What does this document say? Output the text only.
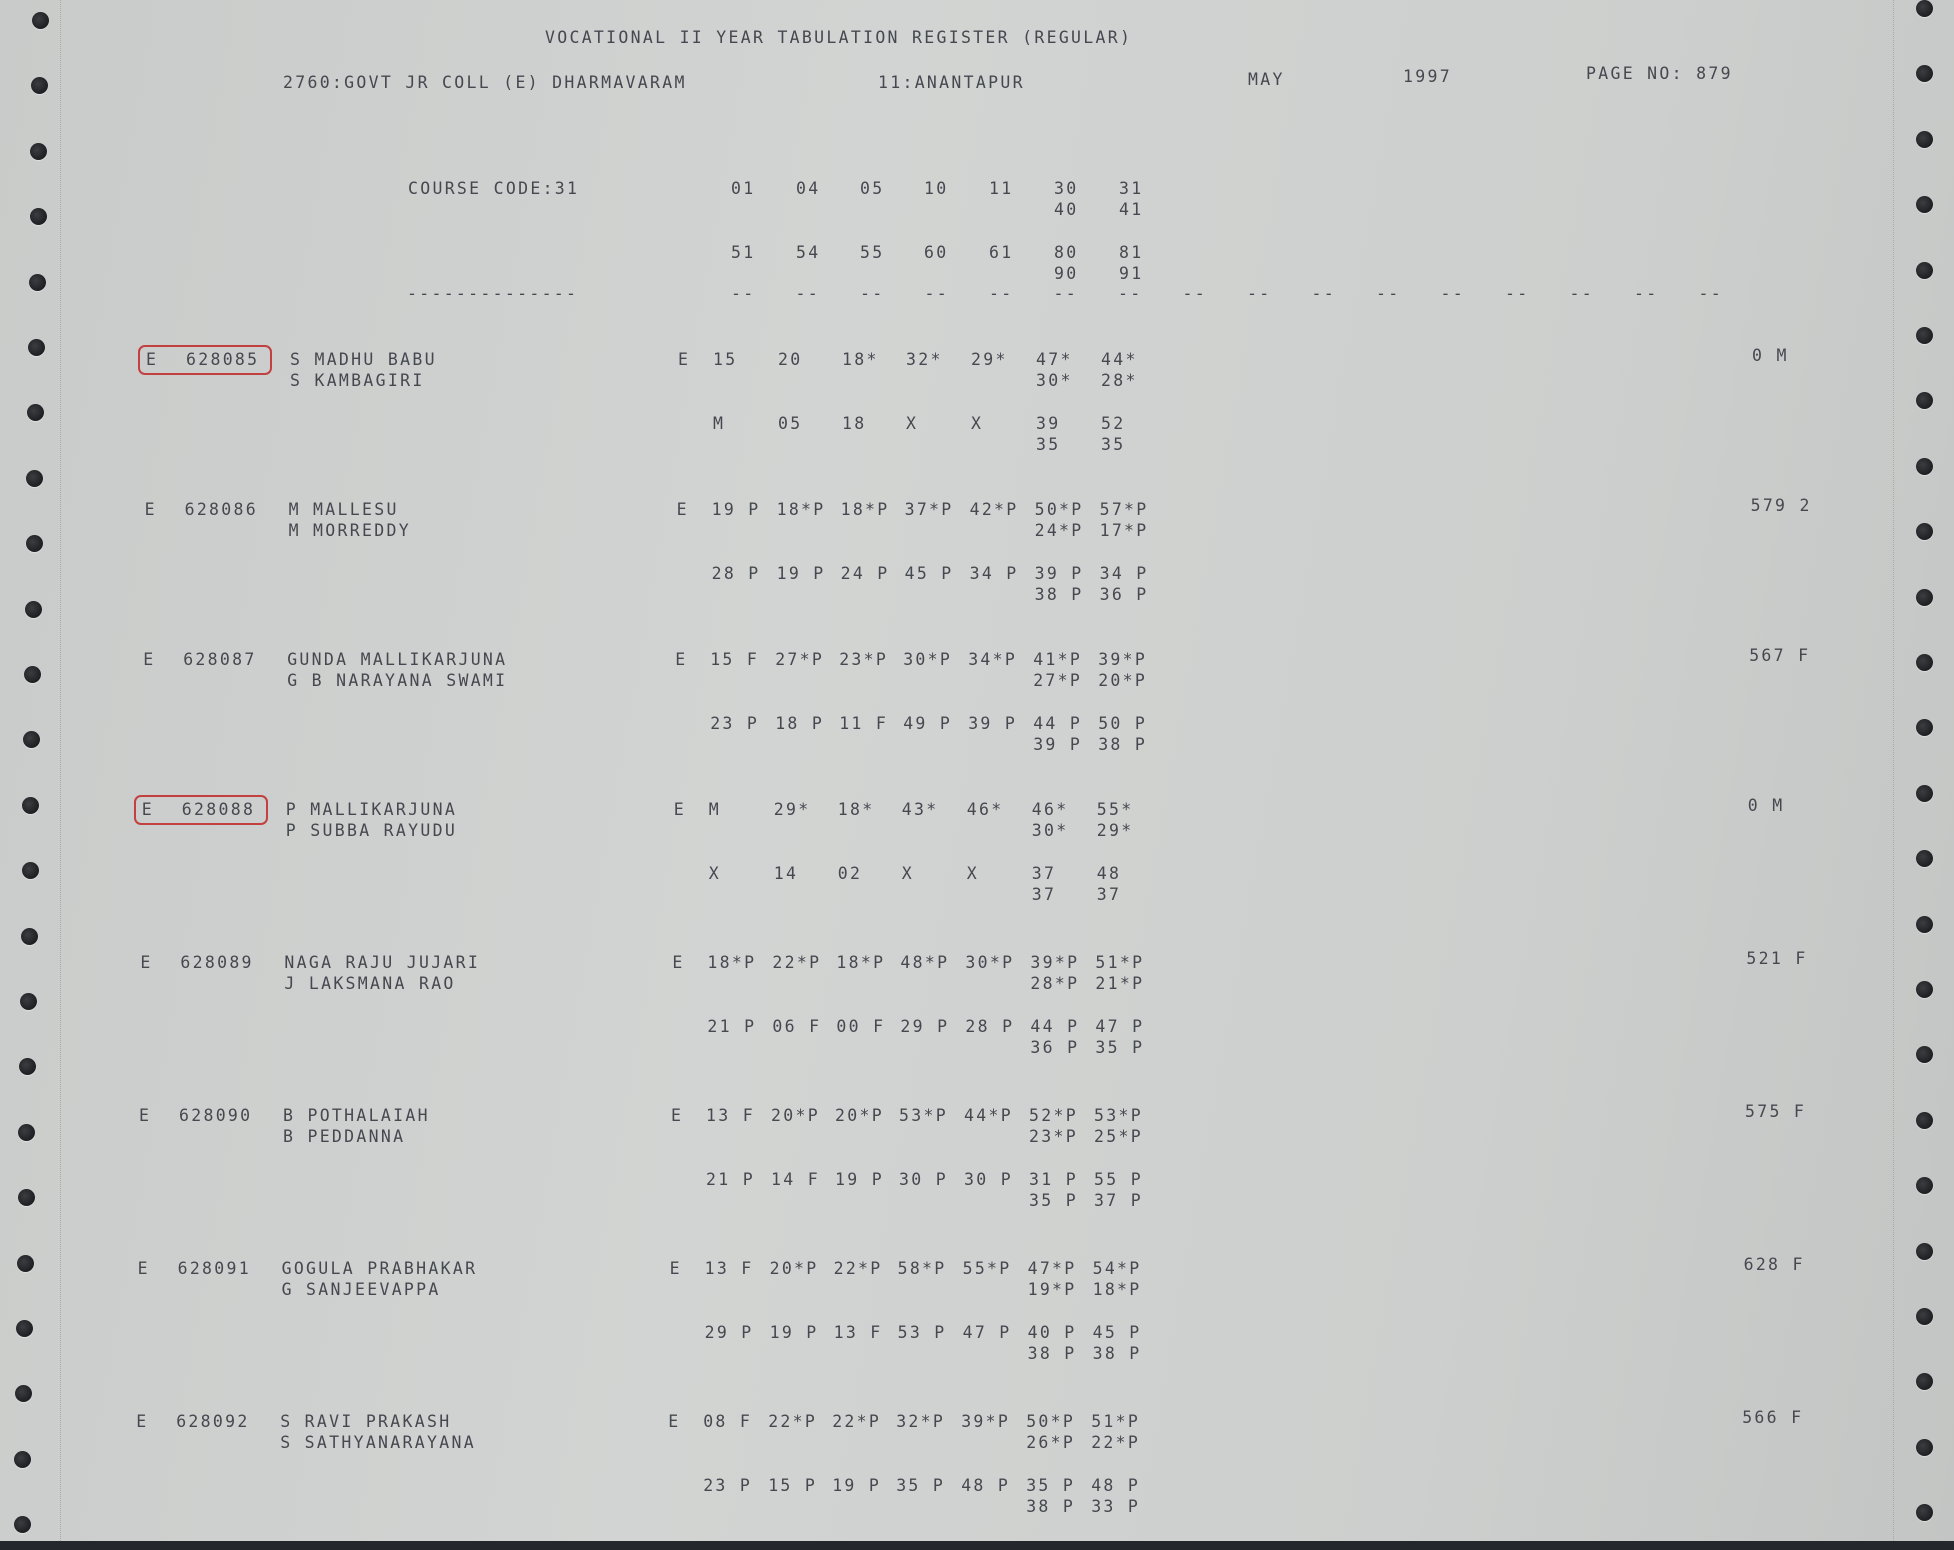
VOCATIONAL II YEAR TABULATION REGISTER (REGULAR)
2760:GOVT JR COLL (E) DHARMAVARAM	11:ANANTAPUR	MAY	1997	PAGE NO: 879
COURSE CODE:31
--------------
01 04 05 10 11 30 31
40 41
51 54 55 60 61 80 81
90 91
-- -- -- -- -- -- -- -- -- -- -- -- -- -- -- --
E 628085 S MADHU BABU
S KAMBAGIRI
E 15 20 18* 32* 29* 47* 44*
30* 28*
M	05 18 X	X	39 52
35 35
0 M
E 628086 M MALLESU
M MORREDDY
E 19 P 18*P 18*P 37*P 42*P 50*P 57*P
24*P 17*P
28 P 19 P 24 P 45 P 34 P 39 P 34 P
38 P 36 P
579 2
E 628087 GUNDA MALLIKARJUNA
G B NARAYANA SWAMI
E 15 F 27*P 23*P 30*P 34*P 41*P 39*P
27*P 20*P
23 P 18 P 11 F 49 P 39 P 44 P 50 P
39 P 38 P
567 F
E 628088 P MALLIKARJUNA
P SUBBA RAYUDU
E M	29* 18* 43* 46* 46* 55*
30* 29*
X	14 02 X	X	37 48
37 37
0 M
E 628089 NAGA RAJU JUJARI
J LAKSMANA RAO
E 18*P 22*P 18*P 48*P 30*P 39*P 51*P
28*P 21*P
21 P 06 F 00 F 29 P 28 P 44 P 47 P
36 P 35 P
521 F
E 628090 B POTHALAIAH
B PEDDANNA
E 13 F 20*P 20*P 53*P 44*P 52*P 53*P
23*P 25*P
21 P 14 F 19 P 30 P 30 P 31 P 55 P
35 P 37 P
575 F
E 628091 GOGULA PRABHAKAR
G SANJEEVAPPA
E 13 F 20*P 22*P 58*P 55*P 47*P 54*P
19*P 18*P
29 P 19 P 13 F 53 P 47 P 40 P 45 P
38 P 38 P
628 F
E 628092 S RAVI PRAKASH
S SATHYANARAYANA
E 08 F 22*P 22*P 32*P 39*P 50*P 51*P
26*P 22*P
23 P 15 P 19 P 35 P 48 P 35 P 48 P
38 P 33 P
566 F
